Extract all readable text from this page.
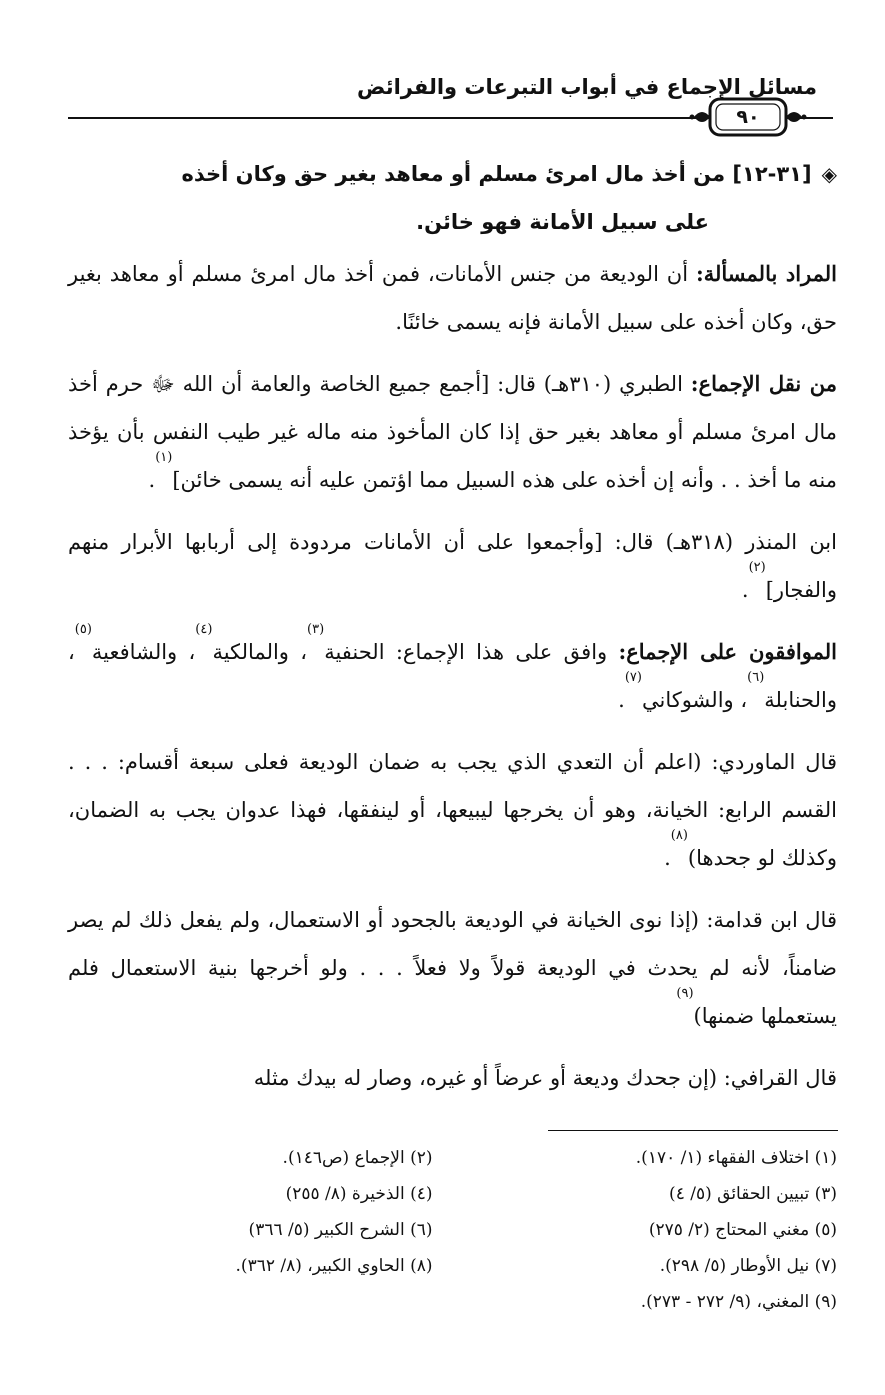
مسائل الإجماع في أبواب التبرعات والفرائض
٩٠

◈[٣١-١٢] من أخذ مال امرئ مسلم أو معاهد بغير حق وكان أخذه
على سبيل الأمانة فهو خائن.

المراد بالمسألة: أن الوديعة من جنس الأمانات، فمن أخذ مال امرئ مسلم أو معاهد بغير حق، وكان أخذه على سبيل الأمانة فإنه يسمى خائنًا.

من نقل الإجماع: الطبري (٣١٠هـ) قال: [أجمع جميع الخاصة والعامة أن الله ﷻ حرم أخذ مال امرئ مسلم أو معاهد بغير حق إذا كان المأخوذ منه ماله غير طيب النفس بأن يؤخذ منه ما أخذ . . وأنه إن أخذه على هذه السبيل مما اؤتمن عليه أنه يسمى خائن]$^{(١)}$.

ابن المنذر (٣١٨هـ) قال: [وأجمعوا على أن الأمانات مردودة إلى أربابها الأبرار منهم والفجار]$^{(٢)}$.

الموافقون على الإجماع: وافق على هذا الإجماع: الحنفية$^{(٣)}$، والمالكية$^{(٤)}$، والشافعية$^{(٥)}$، والحنابلة$^{(٦)}$، والشوكاني$^{(٧)}$.

قال الماوردي: (اعلم أن التعدي الذي يجب به ضمان الوديعة فعلى سبعة أقسام: . . . القسم الرابع: الخيانة، وهو أن يخرجها ليبيعها، أو لينفقها، فهذا عدوان يجب به الضمان، وكذلك لو جحدها)$^{(٨)}$.

قال ابن قدامة: (إذا نوى الخيانة في الوديعة بالجحود أو الاستعمال، ولم يفعل ذلك لم يصر ضامناً، لأنه لم يحدث في الوديعة قولاً ولا فعلاً . . . ولو أخرجها بنية الاستعمال فلم يستعملها ضمنها)$^{(٩)}$

قال القرافي: (إن جحدك وديعة أو عرضاً أو غيره، وصار له بيدك مثله

(١) اختلاف الفقهاء (١/ ١٧٠).
(٢) الإجماع (ص١٤٦).
(٣) تبيين الحقائق (٥/ ٤)
(٤) الذخيرة (٨/ ٢٥٥)
(٥) مغني المحتاج (٢/ ٢٧٥)
(٦) الشرح الكبير (٥/ ٣٦٦)
(٧) نيل الأوطار (٥/ ٢٩٨).
(٨) الحاوي الكبير، (٨/ ٣٦٢).
(٩) المغني، (٩/ ٢٧٢ - ٢٧٣).
